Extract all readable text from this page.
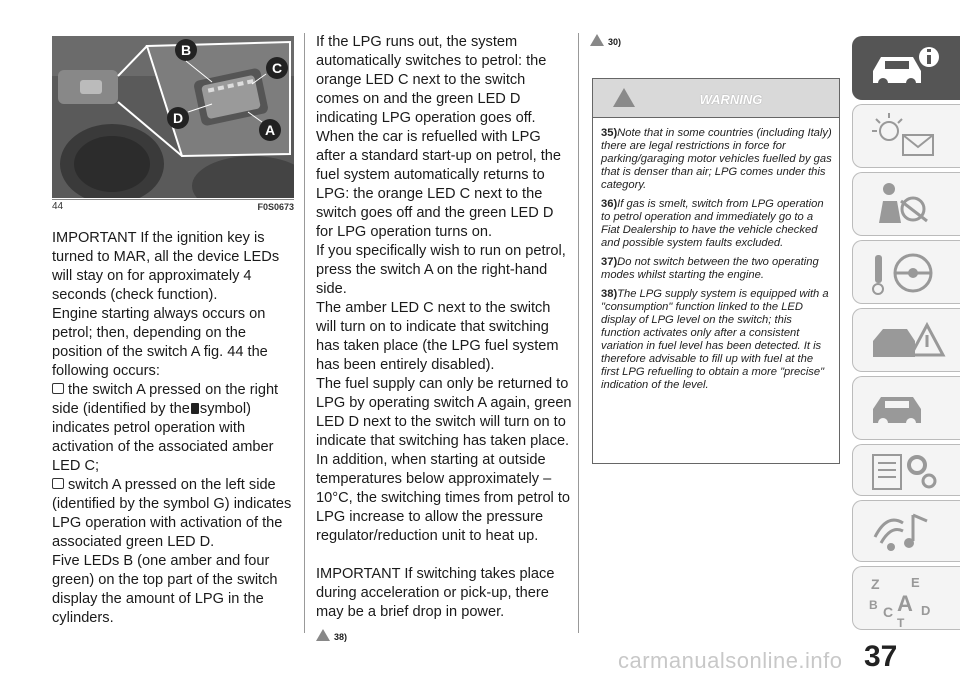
B
C
D
A
44	F0S0673

IMPORTANT If the ignition key is turned to MAR, all the device LEDs will stay on for approximately 4 seconds (check function).

Engine starting always occurs on petrol; then, depending on the position of the switch A fig. 44 the following occurs:

the switch A pressed on the right side (identified by the symbol) indicates petrol operation with activation of the associated amber LED C;

switch A pressed on the left side (identified by the symbol G) indicates LPG operation with activation of the associated green LED D.

Five LEDs B (one amber and four green) on the top part of the switch display the amount of LPG in the cylinders.

If the LPG runs out, the system automatically switches to petrol: the orange LED C next to the switch comes on and the green LED D indicating LPG operation goes off.

When the car is refuelled with LPG after a standard start-up on petrol, the fuel system automatically returns to LPG: the orange LED C next to the switch goes off and the green LED D for LPG operation turns on.

If you specifically wish to run on petrol, press the switch A on the right-hand side.

The amber LED C next to the switch will turn on to indicate that switching has taken place (the LPG fuel system has been entirely disabled).

The fuel supply can only be returned to LPG by operating switch A again, green LED D next to the switch will turn on to indicate that switching has taken place.

In addition, when starting at outside temperatures below approximately –10°C, the switching times from petrol to LPG increase to allow the pressure regulator/reduction unit to heat up.

IMPORTANT If switching takes place during acceleration or pick-up, there may be a brief drop in power.

38)
30)
WARNING

35)Note that in some countries (including Italy) there are legal restrictions in force for parking/garaging motor vehicles fuelled by gas that is denser than air; LPG comes under this category.

36)If gas is smelt, switch from LPG operation to petrol operation and immediately go to a Fiat Dealership to have the vehicle checked and possible system faults excluded.

37)Do not switch between the two operating modes whilst starting the engine.

38)The LPG supply system is equipped with a "consumption" function linked to the LED display of LPG level on the switch; this function activates only after a consistent variation in fuel level has been detected. It is therefore advisable to fill up with fuel at the first LPG refuelling to obtain a more "precise" indication of the level.

Z E
B A
C D
T
carmanualsonline.info 37
